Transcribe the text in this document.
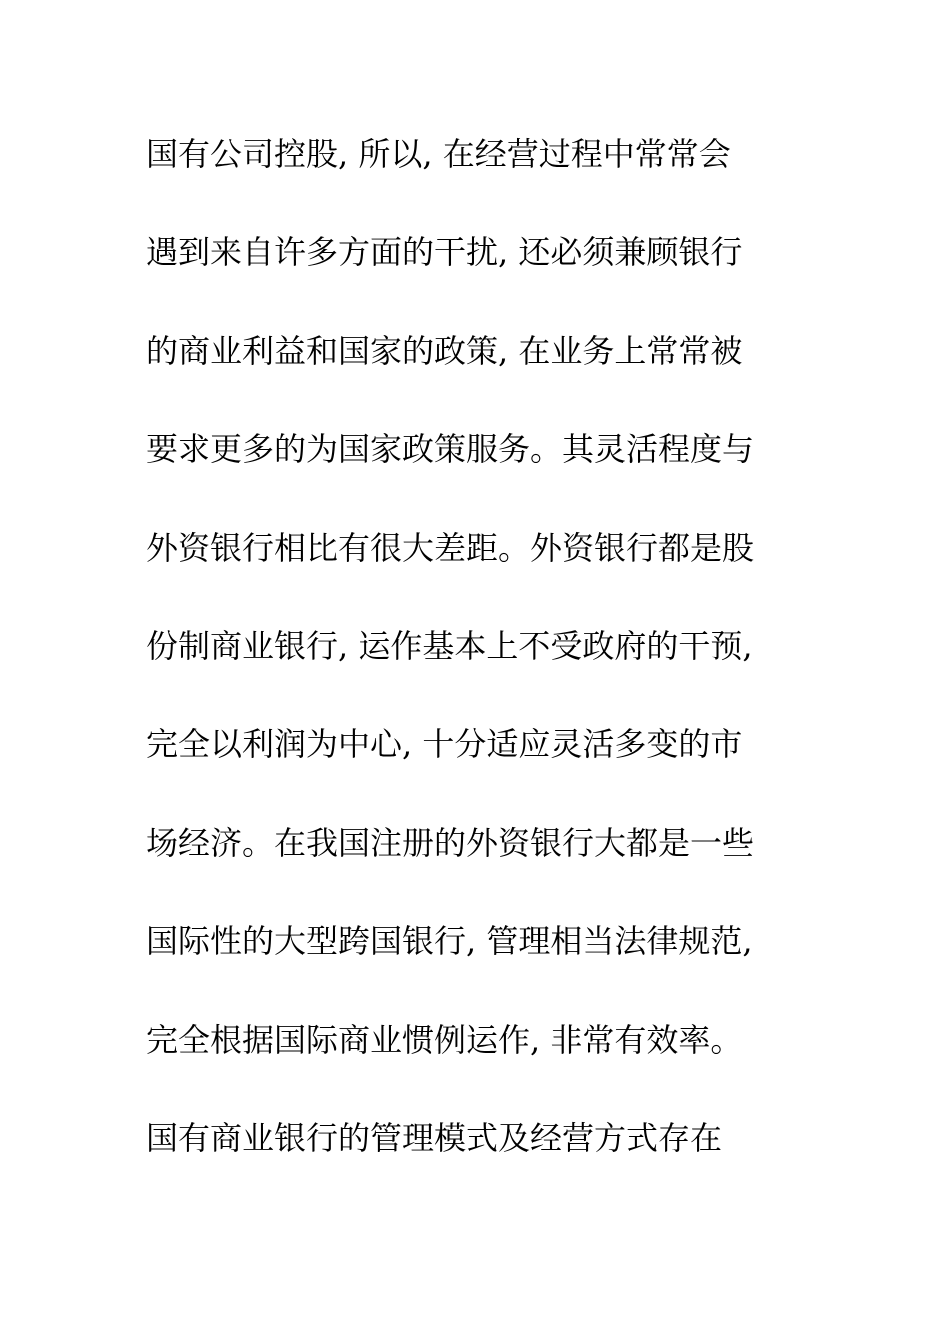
国有公司控股, 所以, 在经营过程中常常会
遇到来自许多方面的干扰, 还必须兼顾银行
的商业利益和国家的政策, 在业务上常常被
要求更多的为国家政策服务。其灵活程度与
外资银行相比有很大差距。外资银行都是股
份制商业银行, 运作基本上不受政府的干预,
完全以利润为中心, 十分适应灵活多变的市
场经济。在我国注册的外资银行大都是一些
国际性的大型跨国银行, 管理相当法律规范,
完全根据国际商业惯例运作, 非常有效率。
国有商业银行的管理模式及经营方式存在
